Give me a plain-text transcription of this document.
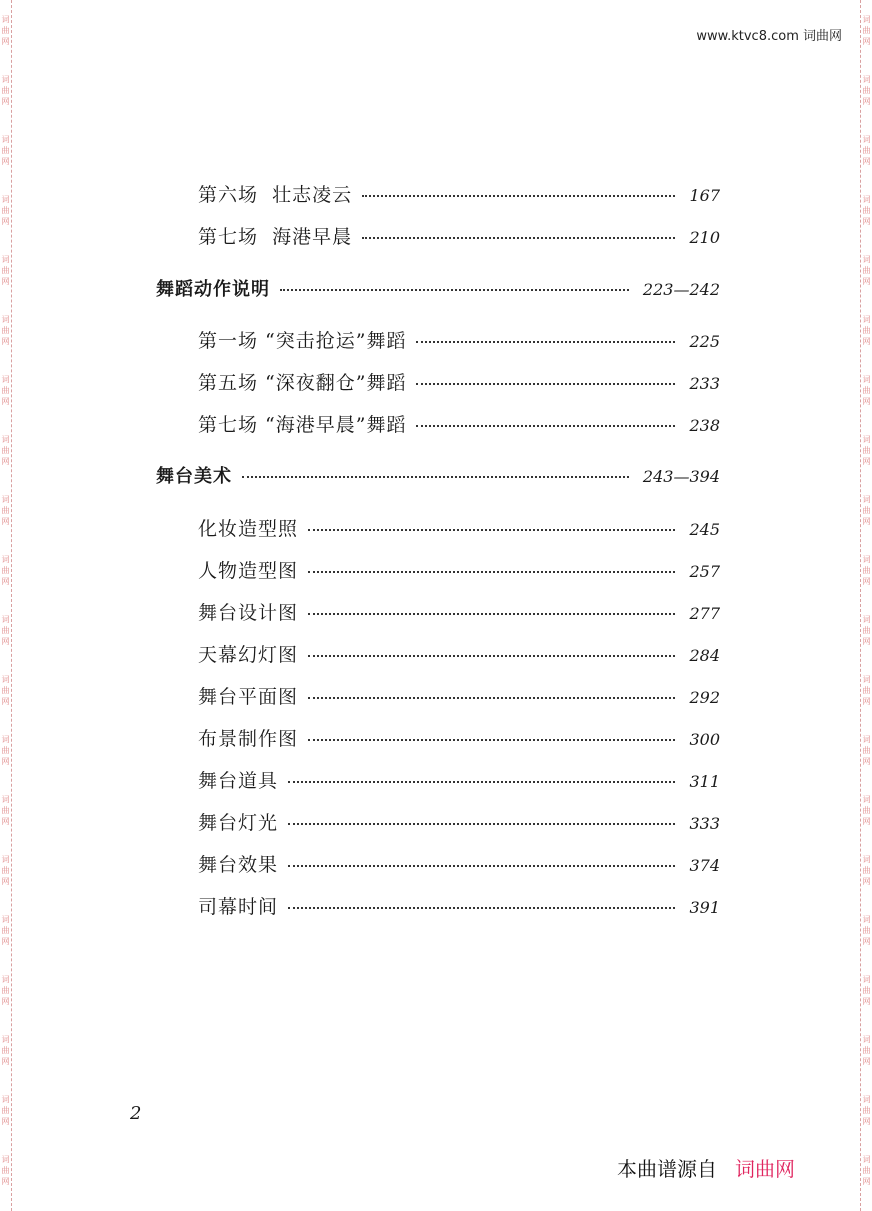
词
曲
网
词
曲
网
词
曲
网
词
曲
网
词
曲
网
词
曲
网
词
曲
网
词
曲
网
词
曲
网
词
曲
网
词
曲
网
词
曲
网
词
曲
网
词
曲
网
词
曲
网
词
曲
网
词
曲
网
词
曲
网
词
曲
网
词
曲
网
词
曲
网
词
曲
网
词
曲
网
词
曲
网
词
曲
网
词
曲
网
词
曲
网
词
曲
网
词
曲
网
词
曲
网
词
曲
网
词
曲
网
词
曲
网
词
曲
网
词
曲
网
词
曲
网
词
曲
网
词
曲
网
词
曲
网
词
曲
网
www.ktvc8.com 词曲网
第六场  壮志凌云	167
第七场  海港早晨	210
舞蹈动作说明	223—242
第一场 “突击抢运”舞蹈	225
第五场 “深夜翻仓”舞蹈	233
第七场 “海港早晨”舞蹈	238
舞台美术	243—394
化妆造型照	245
人物造型图	257
舞台设计图	277
天幕幻灯图	284
舞台平面图	292
布景制作图	300
舞台道具	311
舞台灯光	333
舞台效果	374
司幕时间	391
2
本曲谱源自 词曲网
